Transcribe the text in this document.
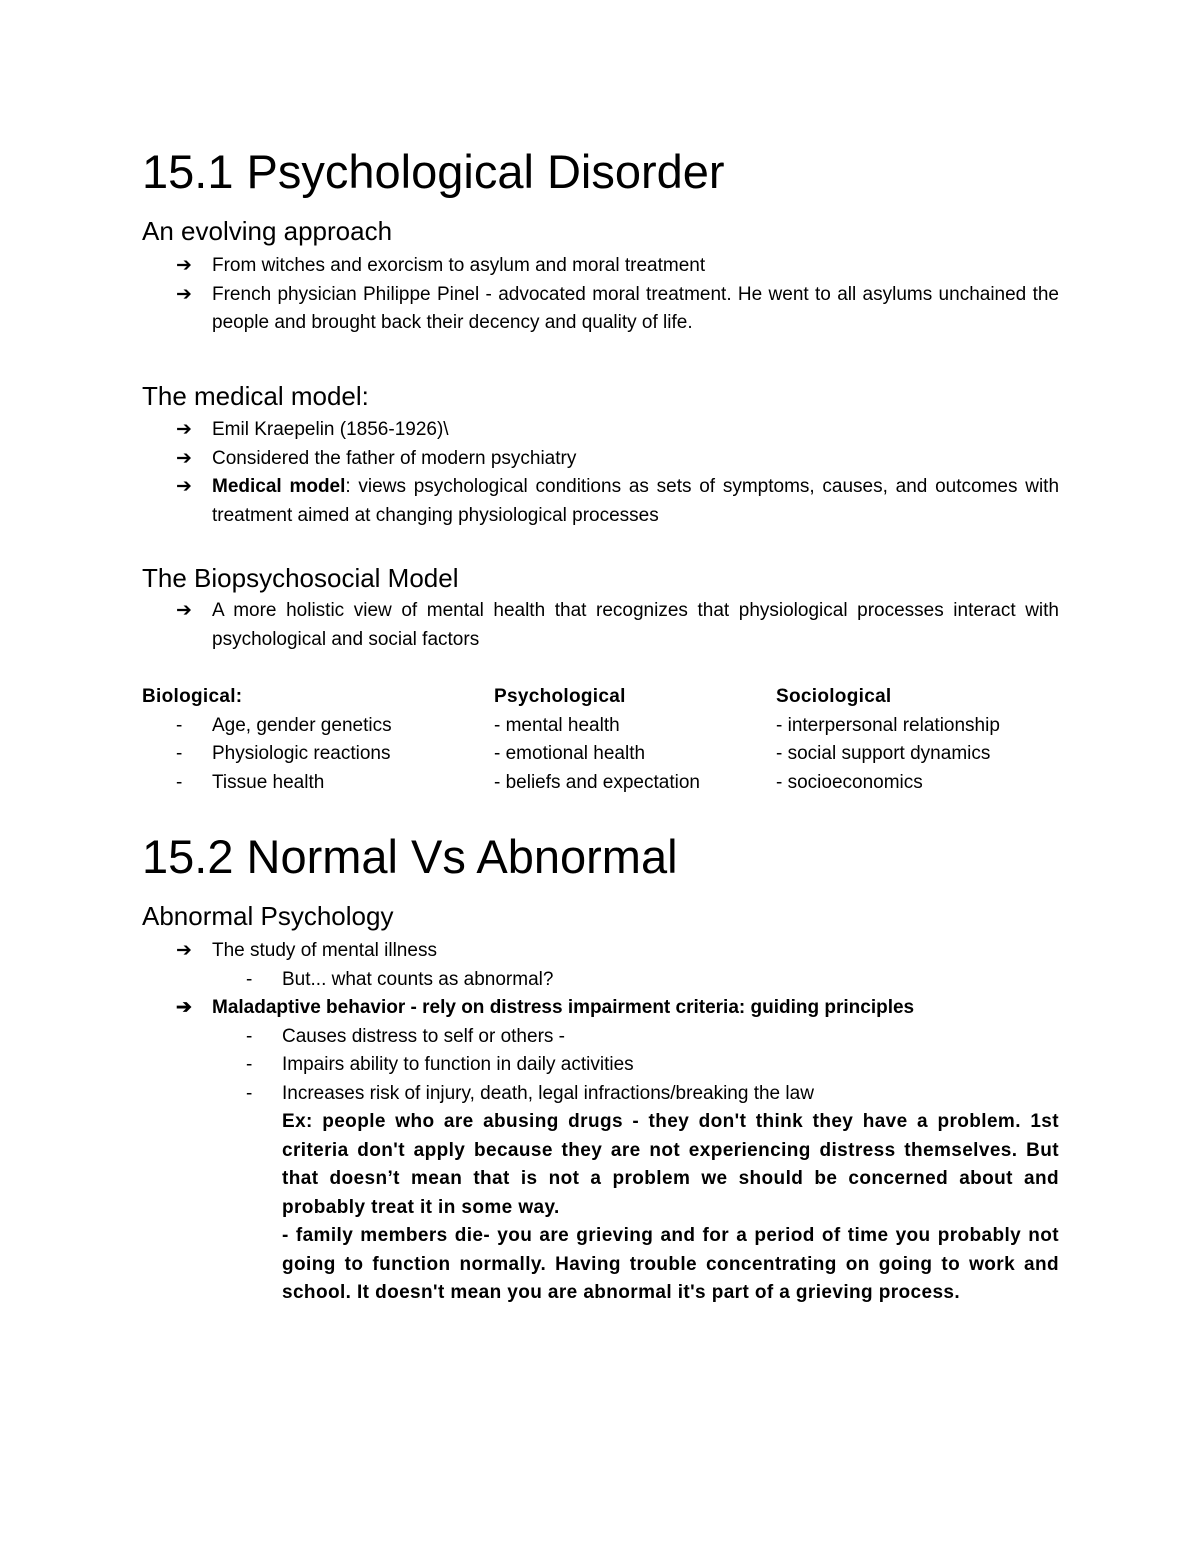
15.1 Psychological Disorder
An evolving approach
➔ From witches and exorcism to asylum and moral treatment
➔ French physician Philippe Pinel - advocated moral treatment. He went to all asylums unchained the people and brought back their decency and quality of life.
The medical model:
➔ Emil Kraepelin (1856-1926)\
➔ Considered the father of modern psychiatry
➔ Medical model: views psychological conditions as sets of symptoms, causes, and outcomes with treatment aimed at changing physiological processes
The Biopsychosocial Model
➔ A more holistic view of mental health that recognizes that physiological processes interact with psychological and social factors
Biological:
- Age, gender genetics
- Physiologic reactions
- Tissue health
Psychological
- mental health
- emotional health
- beliefs and expectation
Sociological
- interpersonal relationship
- social support dynamics
- socioeconomics
15.2 Normal Vs Abnormal
Abnormal Psychology
➔ The study of mental illness
- But... what counts as abnormal?
➔ Maladaptive behavior - rely on distress impairment criteria: guiding principles
- Causes distress to self or others -
- Impairs ability to function in daily activities
- Increases risk of injury, death, legal infractions/breaking the law
Ex: people who are abusing drugs - they don't think they have a problem. 1st criteria don't apply because they are not experiencing distress themselves. But that doesn’t mean that is not a problem we should be concerned about and probably treat it in some way.
- family members die- you are grieving and for a period of time you probably not going to function normally. Having trouble concentrating on going to work and school. It doesn't mean you are abnormal it's part of a grieving process.
